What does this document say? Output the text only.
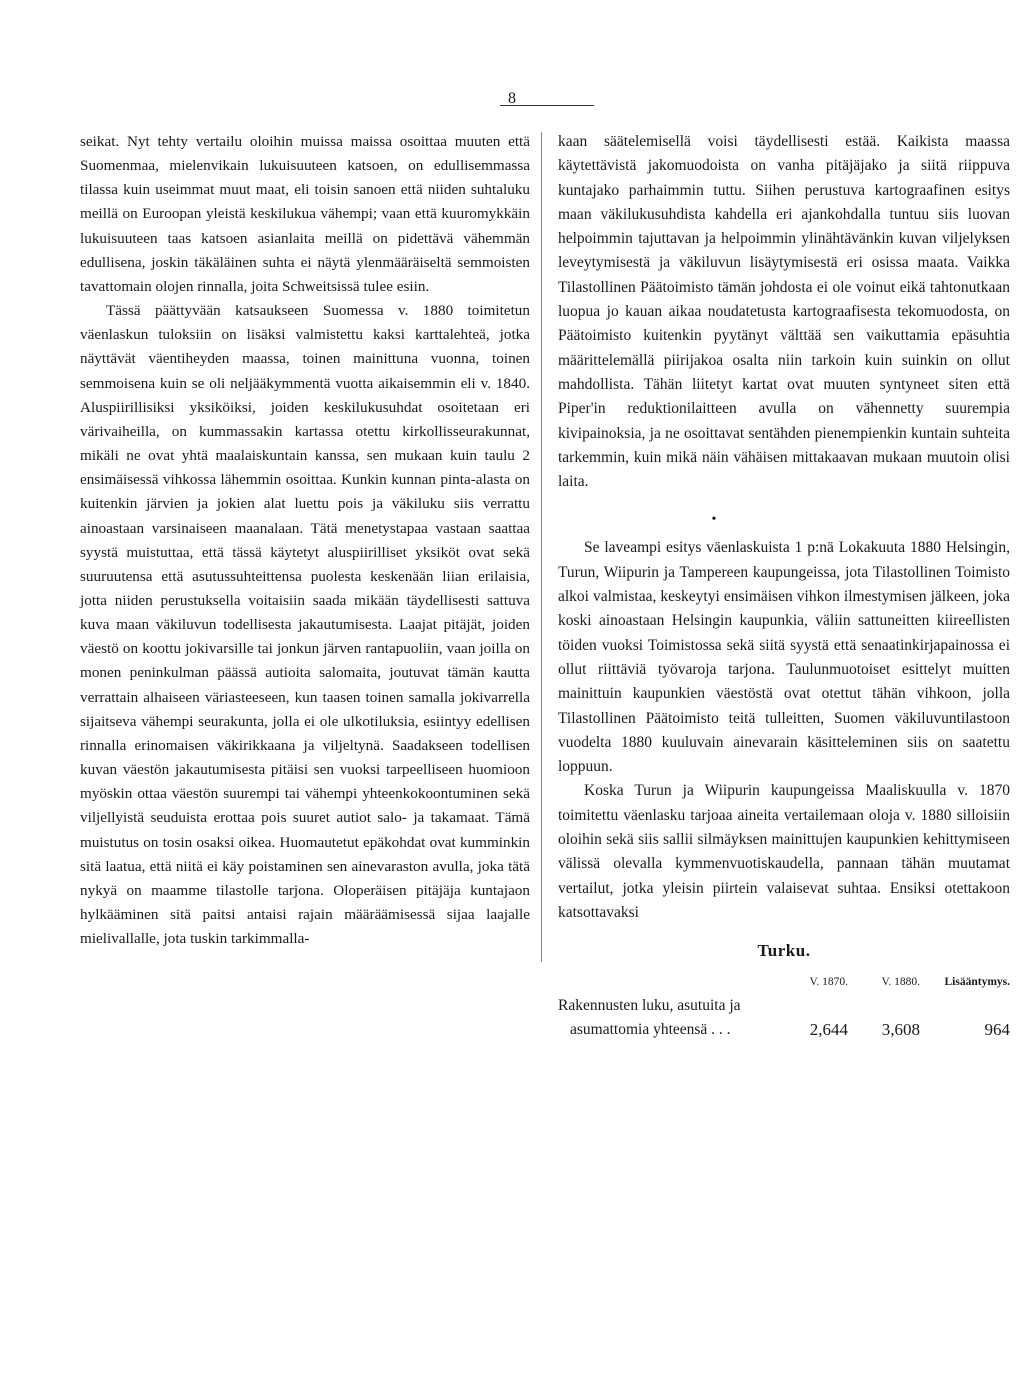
8

seikat. Nyt tehty vertailu oloihin muissa maissa osoittaa muuten että Suomenmaa, mielenvikain lukuisuuteen katsoen, on edullisemmassa tilassa kuin useimmat muut maat, eli toisin sanoen että niiden suhtaluku meillä on Euroopan yleistä keskilukua vähempi; vaan että kuuromykkäin lukuisuuteen taas katsoen asianlaita meillä on pidettävä vähemmän edullisena, joskin täkäläinen suhta ei näytä ylenmääräiseltä semmoisten tavattomain olojen rinnalla, joita Schweitsissä tulee esiin.

Tässä päättyvään katsaukseen Suomessa v. 1880 toimitetun väenlaskun tuloksiin on lisäksi valmistettu kaksi karttalehteä, jotka näyttävät väentiheyden maassa, toinen mainittuna vuonna, toinen semmoisena kuin se oli neljääkymmentä vuotta aikaisemmin eli v. 1840. Aluspiirillisiksi yksiköiksi, joiden keskilukusuhdat osoitetaan eri värivaiheilla, on kummassakin kartassa otettu kirkollisseurakunnat, mikäli ne ovat yhtä maalaiskuntain kanssa, sen mukaan kuin taulu 2 ensimäisessä vihkossa lähemmin osoittaa. Kunkin kunnan pinta-alasta on kuitenkin järvien ja jokien alat luettu pois ja väkiluku siis verrattu ainoastaan varsinaiseen maanalaan. Tätä menetystapaa vastaan saattaa syystä muistuttaa, että tässä käytetyt aluspiirilliset yksiköt ovat sekä suuruutensa että asutussuhteittensa puolesta keskenään liian erilaisia, jotta niiden perustuksella voitaisiin saada mikään täydellisesti sattuva kuva maan väkiluvun todellisesta jakautumisesta. Laajat pitäjät, joiden väestö on koottu jokivarsille tai jonkun järven rantapuoliin, vaan joilla on monen peninkulman päässä autioita salomaita, joutuvat tämän kautta verrattain alhaiseen väriasteeseen, kun taasen toinen samalla jokivarrella sijaitseva vähempi seurakunta, jolla ei ole ulkotiluksia, esiintyy edellisen rinnalla erinomaisen väkirikkaana ja viljeltynä. Saadakseen todellisen kuvan väestön jakautumisesta pitäisi sen vuoksi tarpeelliseen huomioon myöskin ottaa väestön suurempi tai vähempi yhteenkokoontuminen sekä viljellyistä seuduista erottaa pois suuret autiot salo- ja takamaat. Tämä muistutus on tosin osaksi oikea. Huomautetut epäkohdat ovat kumminkin sitä laatua, että niitä ei käy poistaminen sen ainevaraston avulla, joka tätä nykyä on maamme tilastolle tarjona. Oloperäisen pitäjäja kuntajaon hylkääminen sitä paitsi antaisi rajain määräämisessä sijaa laajalle mielivallalle, jota tuskin tarkimmalla-

kaan säätelemisellä voisi täydellisesti estää. Kaikista maassa käytettävistä jakomuodoista on vanha pitäjäjako ja siitä riippuva kuntajako parhaimmin tuttu. Siihen perustuva kartograafinen esitys maan väkilukusuhdista kahdella eri ajankohdalla tuntuu siis luovan helpoimmin tajuttavan ja helpoimmin ylinähtävänkin kuvan viljelyksen leveytymisestä ja väkiluvun lisäytymisestä eri osissa maata. Vaikka Tilastollinen Päätoimisto tämän johdosta ei ole voinut eikä tahtonutkaan luopua jo kauan aikaa noudatetusta kartograafisesta tekomuodosta, on Päätoimisto kuitenkin pyytänyt välttää sen vaikuttamia epäsuhtia määrittelemällä piirijakoa osalta niin tarkoin kuin suinkin on ollut mahdollista. Tähän liitetyt kartat ovat muuten syntyneet siten että Piper'in reduktionilaitteen avulla on vähennetty suurempia kivipainoksia, ja ne osoittavat sentähden pienempienkin kuntain suhteita tarkemmin, kuin mikä näin vähäisen mittakaavan mukaan muutoin olisi laita.

•

Se laveampi esitys väenlaskuista 1 p:nä Lokakuuta 1880 Helsingin, Turun, Wiipurin ja Tampereen kaupungeissa, jota Tilastollinen Toimisto alkoi valmistaa, keskeytyi ensimäisen vihkon ilmestymisen jälkeen, joka koski ainoastaan Helsingin kaupunkia, väliin sattuneitten kiireellisten töiden vuoksi Toimistossa sekä siitä syystä että senaatinkirjapainossa ei ollut riittäviä työvaroja tarjona. Taulunmuotoiset esittelyt muitten mainittuin kaupunkien väestöstä ovat otettut tähän vihkoon, jolla Tilastollinen Päätoimisto teitä tulleitten, Suomen väkiluvuntilastoon vuodelta 1880 kuuluvain ainevarain käsitteleminen siis on saatettu loppuun.

Koska Turun ja Wiipurin kaupungeissa Maaliskuulla v. 1870 toimitettu väenlasku tarjoaa aineita vertailemaan oloja v. 1880 silloisiin oloihin sekä siis sallii silmäyksen mainittujen kaupunkien kehittymiseen välissä olevalla kymmenvuotiskaudella, pannaan tähän muutamat vertailut, jotka yleisin piirtein valaisevat suhtaa. Ensiksi otettakoon katsottavaksi

Turku.
	V. 1870.	V. 1880.	Lisääntymys.
Rakennusten luku, asutuita ja			
asumattomia yhteensä . . .	2,644	3,608	964
